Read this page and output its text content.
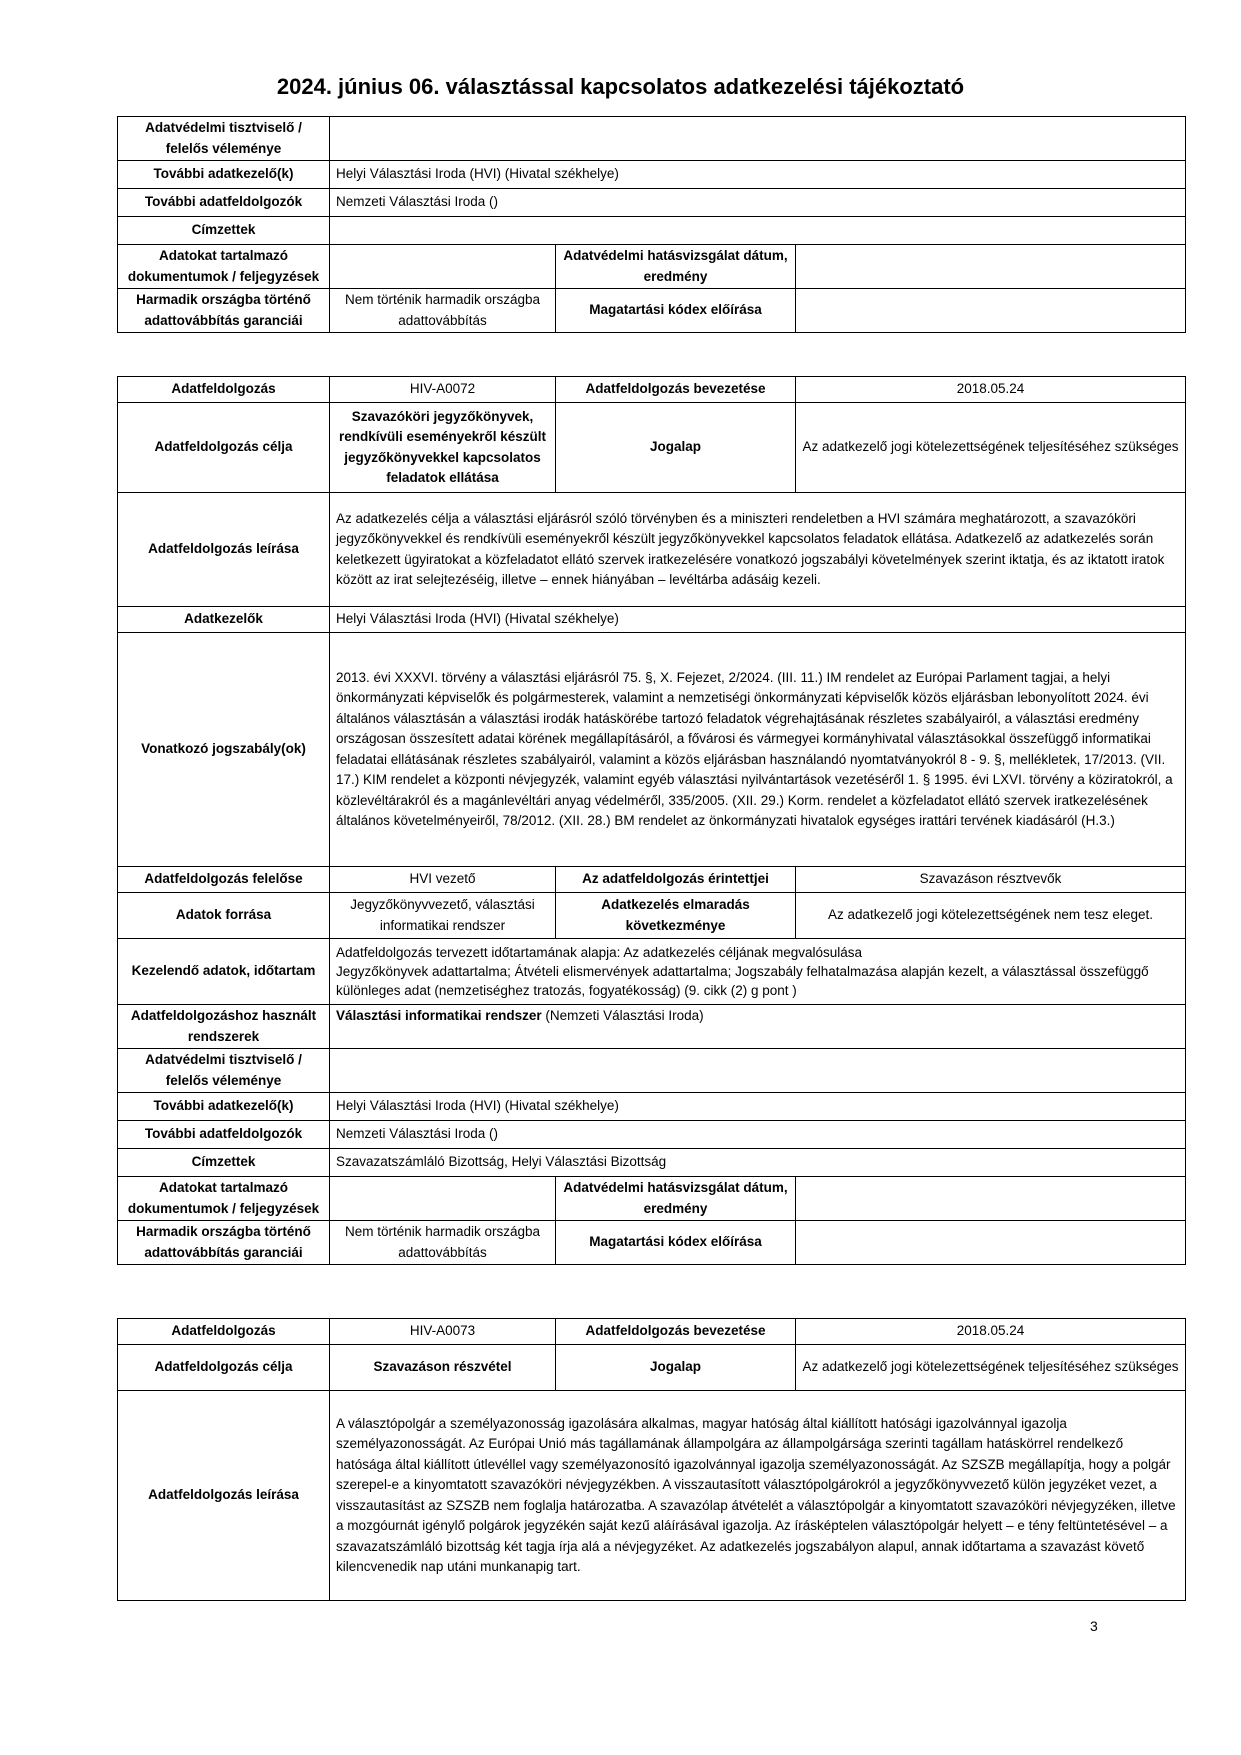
2024. június 06. választással kapcsolatos adatkezelési tájékoztató
Adatvédelmi tisztviselő / felelős véleménye			
További adatkezelő(k)	Helyi Választási Iroda (HVI) (Hivatal székhelye)		
További adatfeldolgozók	Nemzeti Választási Iroda ()		
Címzettek			
Adatokat tartalmazó dokumentumok / feljegyzések		Adatvédelmi hatásvizsgálat dátum, eredmény	
Harmadik országba történő adattovábbítás garanciái	Nem történik harmadik országba adattovábbítás	Magatartási kódex előírása	
Adatfeldolgozás	HIV-A0072	Adatfeldolgozás bevezetése	2018.05.24
Adatfeldolgozás célja	Szavazóköri jegyzőkönyvek, rendkívüli eseményekről készült jegyzőkönyvekkel kapcsolatos feladatok ellátása	Jogalap	Az adatkezelő jogi kötelezettségének teljesítéséhez szükséges
Adatfeldolgozás leírása	Az adatkezelés célja a választási eljárásról szóló törvényben és a miniszteri rendeletben a HVI számára meghatározott, a szavazóköri jegyzőkönyvekkel és rendkívüli eseményekről készült jegyzőkönyvekkel kapcsolatos feladatok ellátása. Adatkezelő az adatkezelés során keletkezett ügyiratokat a közfeladatot ellátó szervek iratkezelésére vonatkozó jogszabályi követelmények szerint iktatja, és az iktatott iratok között az irat selejtezéséig, illetve – ennek hiányában – levéltárba adásáig kezeli.		
Adatkezelők	Helyi Választási Iroda (HVI) (Hivatal székhelye)		
Vonatkozó jogszabály(ok)	2013. évi XXXVI. törvény a választási eljárásról 75. §, X. Fejezet, 2/2024. (III. 11.) IM rendelet az Európai Parlament tagjai, a helyi önkormányzati képviselők és polgármesterek, valamint a nemzetiségi önkormányzati képviselők közös eljárásban lebonyolított 2024. évi általános választásán a választási irodák hatáskörébe tartozó feladatok végrehajtásának részletes szabályairól, a választási eredmény országosan összesített adatai körének megállapításáról, a fővárosi és vármegyei kormányhivatal választásokkal összefüggő informatikai feladatai ellátásának részletes szabályairól, valamint a közös eljárásban használandó nyomtatványokról 8 - 9. §, mellékletek, 17/2013. (VII. 17.) KIM rendelet a központi névjegyzék, valamint egyéb választási nyilvántartások vezetéséről 1. § 1995. évi LXVI. törvény a köziratokról, a közlevéltárakról és a magánlevéltári anyag védelméről, 335/2005. (XII. 29.) Korm. rendelet a közfeladatot ellátó szervek iratkezelésének általános követelményeiről, 78/2012. (XII. 28.) BM rendelet az önkormányzati hivatalok egységes irattári tervének kiadásáról (H.3.)		
Adatfeldolgozás felelőse	HVI vezető	Az adatfeldolgozás érintettjei	Szavazáson résztvevők
Adatok forrása	Jegyzőkönyvvezető, választási informatikai rendszer	Adatkezelés elmaradás következménye	Az adatkezelő jogi kötelezettségének nem tesz eleget.
Kezelendő adatok, időtartam	Adatfeldolgozás tervezett időtartamának alapja: Az adatkezelés céljának megvalósulása
Jegyzőkönyvek adattartalma; Átvételi elismervények adattartalma; Jogszabály felhatalmazása alapján kezelt, a választással összefüggő különleges adat (nemzetiséghez tratozás, fogyatékosság) (9. cikk (2) g pont )		

Adatfeldolgozáshoz használt rendszerek	Választási informatikai rendszer (Nemzeti Választási Iroda)		
Adatvédelmi tisztviselő / felelős véleménye			
További adatkezelő(k)	Helyi Választási Iroda (HVI) (Hivatal székhelye)		
További adatfeldolgozók	Nemzeti Választási Iroda ()		
Címzettek	Szavazatszámláló Bizottság, Helyi Választási Bizottság		
Adatokat tartalmazó dokumentumok / feljegyzések		Adatvédelmi hatásvizsgálat dátum, eredmény	
Harmadik országba történő adattovábbítás garanciái	Nem történik harmadik országba adattovábbítás	Magatartási kódex előírása	
Adatfeldolgozás	HIV-A0073	Adatfeldolgozás bevezetése	2018.05.24
Adatfeldolgozás célja	Szavazáson részvétel	Jogalap	Az adatkezelő jogi kötelezettségének teljesítéséhez szükséges
Adatfeldolgozás leírása	A választópolgár a személyazonosság igazolására alkalmas, magyar hatóság által kiállított hatósági igazolvánnyal igazolja személyazonosságát. Az Európai Unió más tagállamának állampolgára az állampolgársága szerinti tagállam hatáskörrel rendelkező hatósága által kiállított útlevéllel vagy személyazonosító igazolvánnyal igazolja személyazonosságát. Az SZSZB megállapítja, hogy a polgár szerepel-e a kinyomtatott szavazóköri névjegyzékben. A visszautasított választópolgárokról a jegyzőkönyvvezető külön jegyzéket vezet, a visszautasítást az SZSZB nem foglalja határozatba. A szavazólap átvételét a választópolgár a kinyomtatott szavazóköri névjegyzéken, illetve a mozgóurnát igénylő polgárok jegyzékén saját kezű aláírásával igazolja. Az írásképtelen választópolgár helyett – e tény feltüntetésével – a szavazatszámláló bizottság két tagja írja alá a névjegyzéket. Az adatkezelés jogszabályon alapul, annak időtartama a szavazást követő kilencvenedik nap utáni munkanapig tart.		
3
